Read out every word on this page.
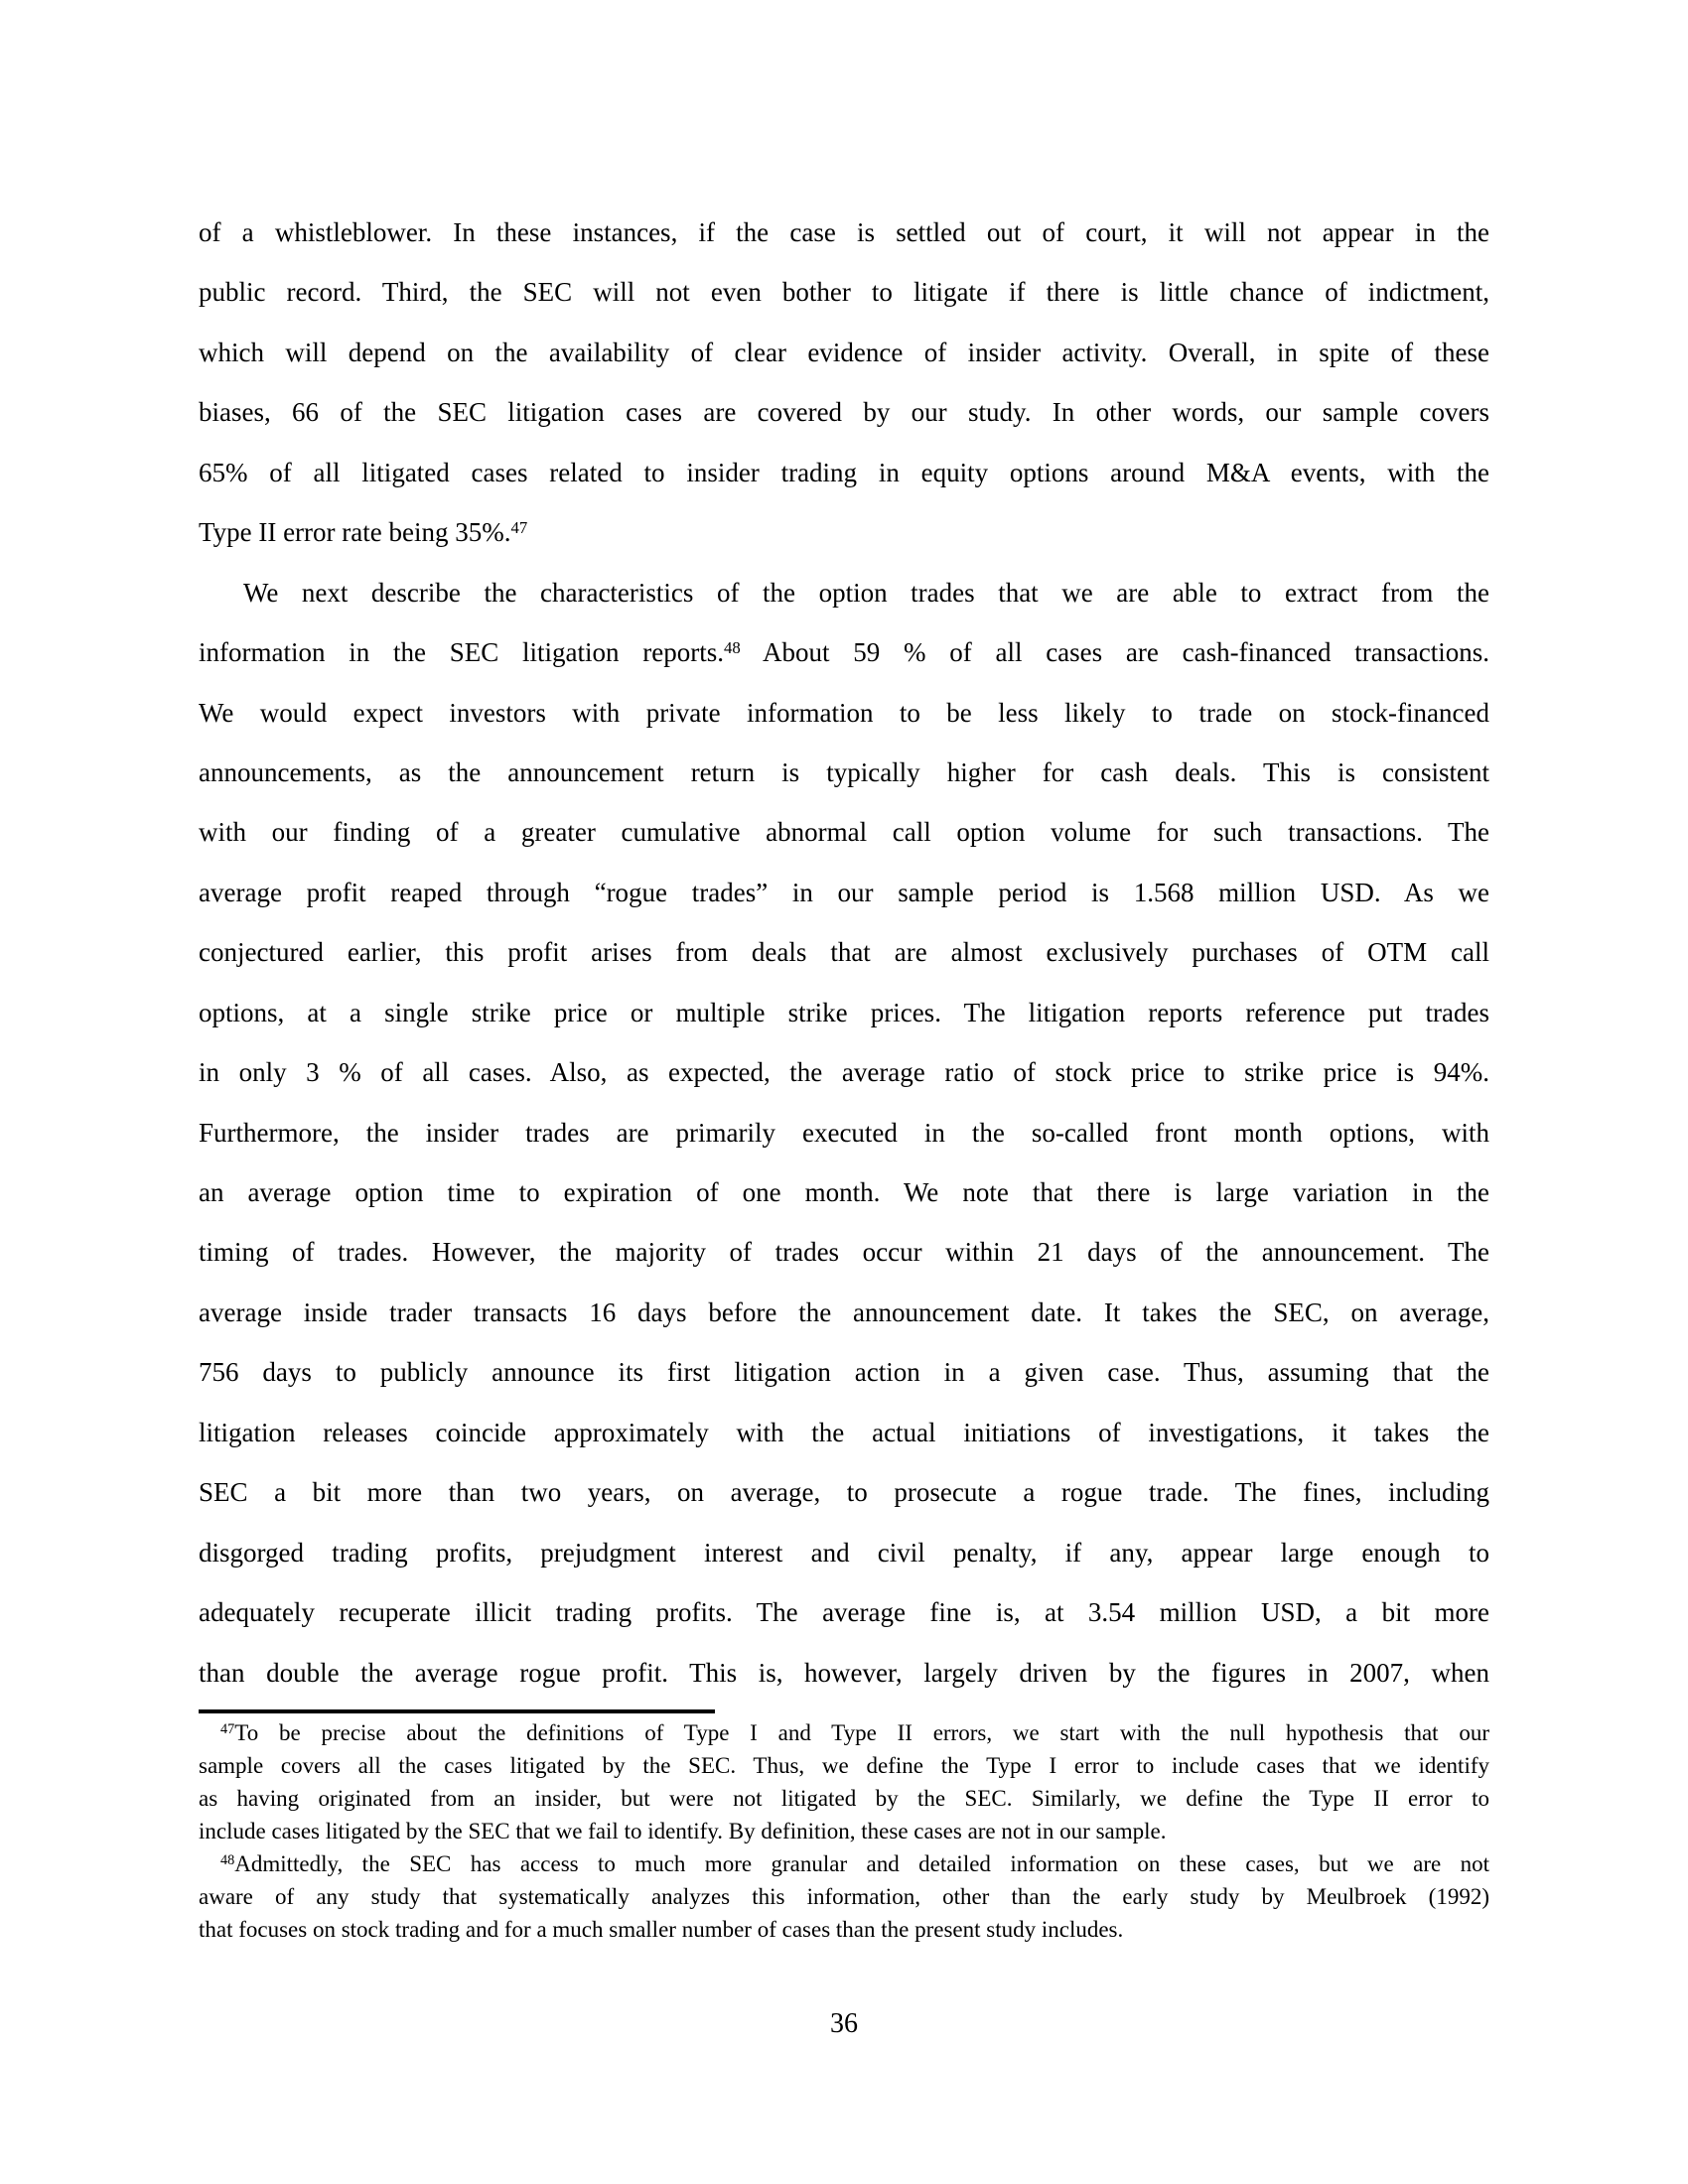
of a whistleblower. In these instances, if the case is settled out of court, it will not appear in the
public record. Third, the SEC will not even bother to litigate if there is little chance of indictment,
which will depend on the availability of clear evidence of insider activity. Overall, in spite of these
biases, 66 of the SEC litigation cases are covered by our study. In other words, our sample covers
65% of all litigated cases related to insider trading in equity options around M&A events, with the
Type II error rate being 35%.$^{47}$
We next describe the characteristics of the option trades that we are able to extract from the
information in the SEC litigation reports.$^{48}$ About 59 % of all cases are cash-financed transactions.
We would expect investors with private information to be less likely to trade on stock-financed
announcements, as the announcement return is typically higher for cash deals. This is consistent
with our finding of a greater cumulative abnormal call option volume for such transactions. The
average profit reaped through “rogue trades” in our sample period is 1.568 million USD. As we
conjectured earlier, this profit arises from deals that are almost exclusively purchases of OTM call
options, at a single strike price or multiple strike prices. The litigation reports reference put trades
in only 3 % of all cases. Also, as expected, the average ratio of stock price to strike price is 94%.
Furthermore, the insider trades are primarily executed in the so-called front month options, with
an average option time to expiration of one month. We note that there is large variation in the
timing of trades. However, the majority of trades occur within 21 days of the announcement. The
average inside trader transacts 16 days before the announcement date. It takes the SEC, on average,
756 days to publicly announce its first litigation action in a given case. Thus, assuming that the
litigation releases coincide approximately with the actual initiations of investigations, it takes the
SEC a bit more than two years, on average, to prosecute a rogue trade. The fines, including
disgorged trading profits, prejudgment interest and civil penalty, if any, appear large enough to
adequately recuperate illicit trading profits. The average fine is, at 3.54 million USD, a bit more
than double the average rogue profit. This is, however, largely driven by the figures in 2007, when
$^{47}$To be precise about the definitions of Type I and Type II errors, we start with the null hypothesis that our
sample covers all the cases litigated by the SEC. Thus, we define the Type I error to include cases that we identify
as having originated from an insider, but were not litigated by the SEC. Similarly, we define the Type II error to
include cases litigated by the SEC that we fail to identify. By definition, these cases are not in our sample.
$^{48}$Admittedly, the SEC has access to much more granular and detailed information on these cases, but we are not
aware of any study that systematically analyzes this information, other than the early study by Meulbroek (1992)
that focuses on stock trading and for a much smaller number of cases than the present study includes.
36
